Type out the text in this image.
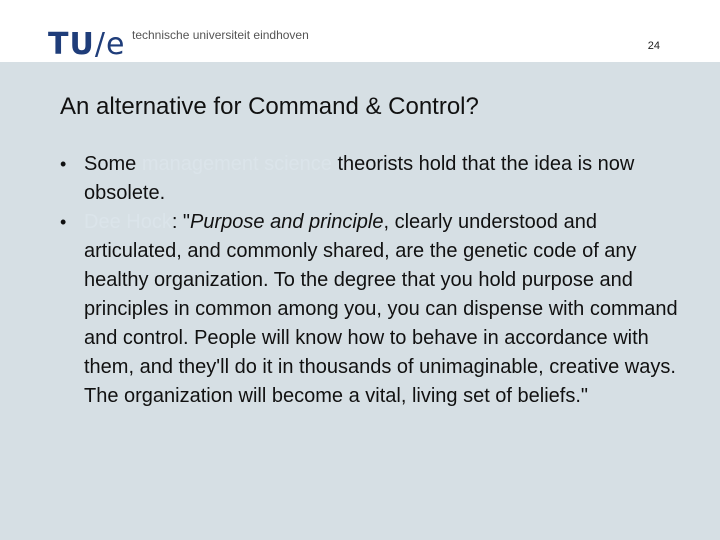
TU/e technische universiteit eindhoven
24
An alternative for Command & Control?
• Some management science theorists hold that the idea is now obsolete.
• Dee Hock: "Purpose and principle, clearly understood and articulated, and commonly shared, are the genetic code of any healthy organization. To the degree that you hold purpose and principles in common among you, you can dispense with command and control. People will know how to behave in accordance with them, and they'll do it in thousands of unimaginable, creative ways. The organization will become a vital, living set of beliefs."
